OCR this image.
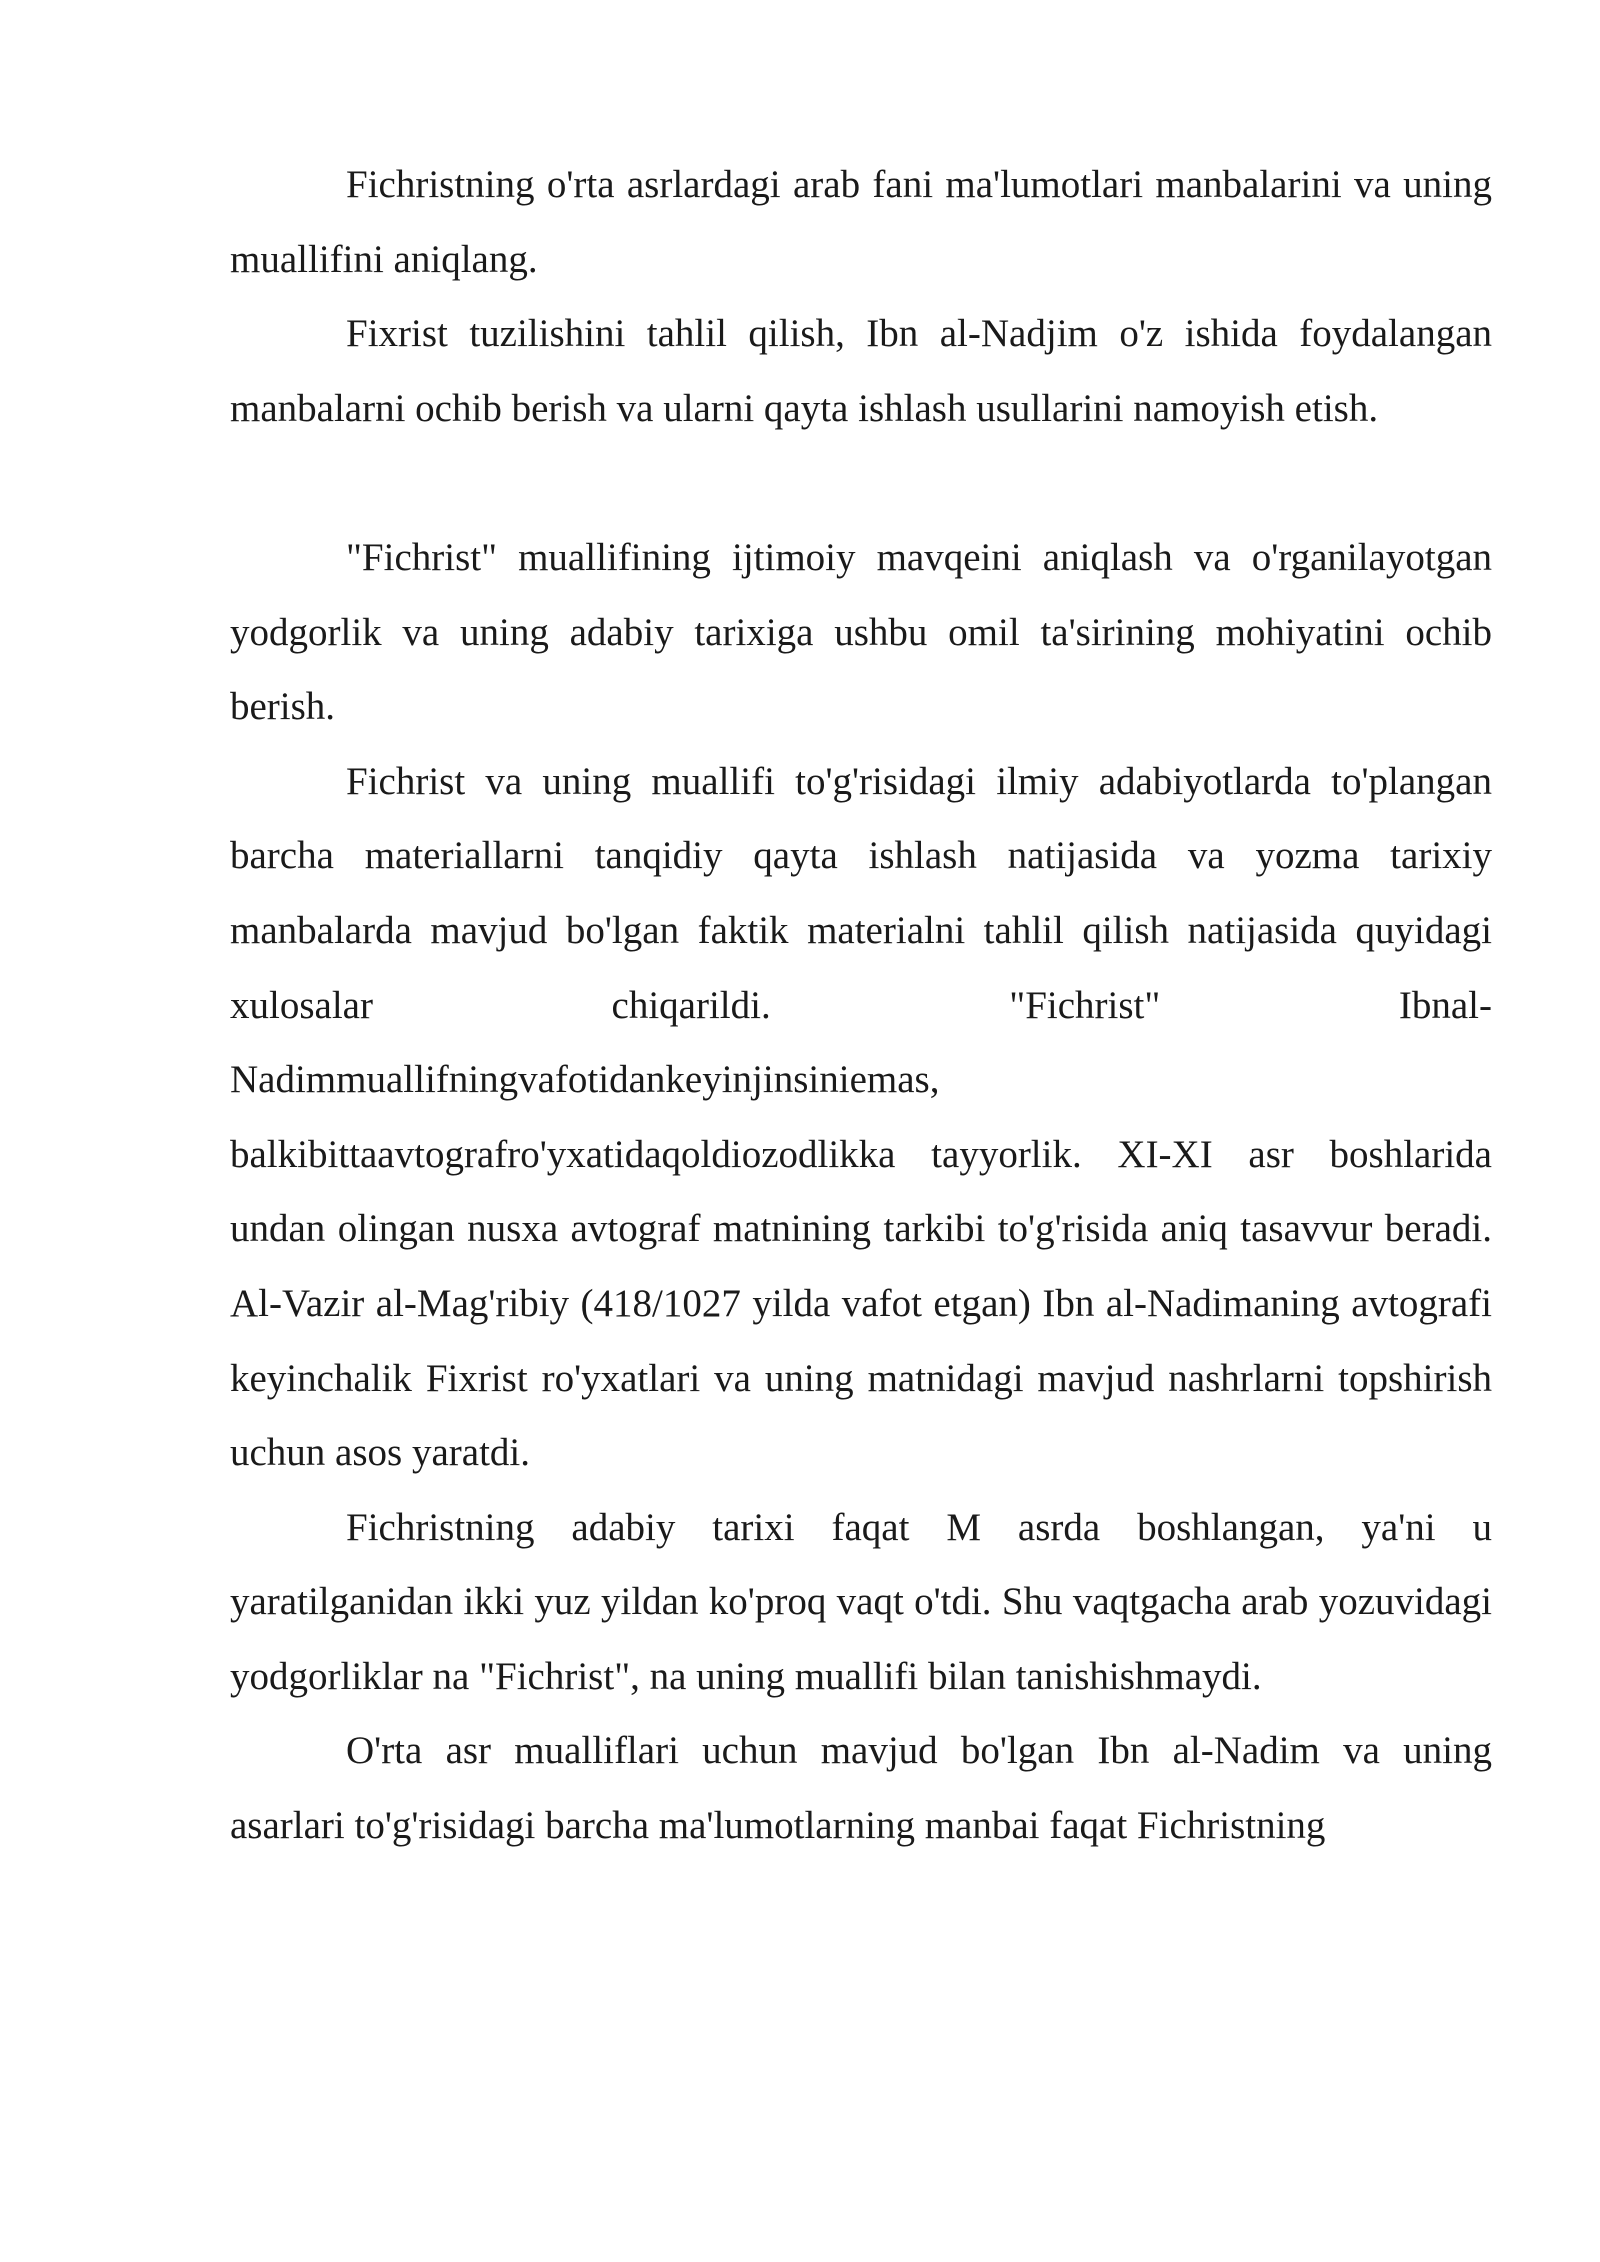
Fichristning o'rta asrlardagi arab fani ma'lumotlari manbalarini va uning muallifini aniqlang.

Fixrist tuzilishini tahlil qilish, Ibn al-Nadjim o'z ishida foydalangan manbalarni ochib berish va ularni qayta ishlash usullarini namoyish etish.

"Fichrist" muallifining ijtimoiy mavqeini aniqlash va o'rganilayotgan yodgorlik va uning adabiy tarixiga ushbu omil ta'sirining mohiyatini ochib berish.

Fichrist va uning muallifi to'g'risidagi ilmiy adabiyotlarda to'plangan barcha materiallarni tanqidiy qayta ishlash natijasida va yozma tarixiy manbalarda mavjud bo'lgan faktik materialni tahlil qilish natijasida quyidagi xulosalar chiqarildi. "Fichrist" Ibnal-Nadimmuallifningvafotidankeyinjinsiniemas, balkibittaavtografro'yxatidaqoldiozodlikka tayyorlik. XI-XI asr boshlarida undan olingan nusxa avtograf matnining tarkibi to'g'risida aniq tasavvur beradi. Al-Vazir al-Mag'ribiy (418/1027 yilda vafot etgan) Ibn al-Nadimaning avtografi keyinchalik Fixrist ro'yxatlari va uning matnidagi mavjud nashrlarni topshirish uchun asos yaratdi.

Fichristning adabiy tarixi faqat M asrda boshlangan, ya'ni u yaratilganidan ikki yuz yildan ko'proq vaqt o'tdi. Shu vaqtgacha arab yozuvidagi yodgorliklar na "Fichrist", na uning muallifi bilan tanishishmaydi.

O'rta asr mualliflari uchun mavjud bo'lgan Ibn al-Nadim va uning asarlari to'g'risidagi barcha ma'lumotlarning manbai faqat Fichristning
